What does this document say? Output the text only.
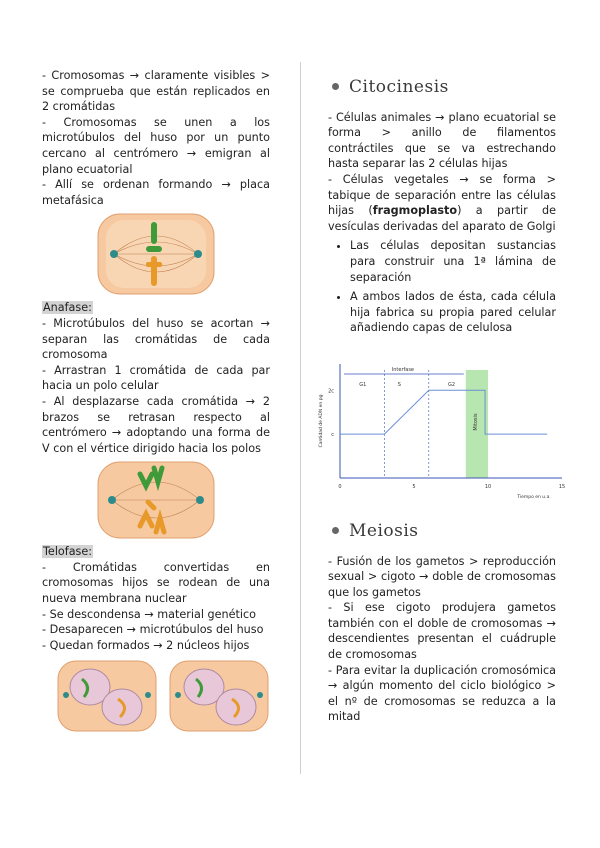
- Cromosomas → claramente visibles > se comprueba que están replicados en 2 cromátidas

- Cromosomas se unen a los microtúbulos del huso por un punto cercano al centrómero → emigran al plano ecuatorial

- Allí se ordenan formando → placa metafásica

Anafase:

- Microtúbulos del huso se acortan → separan las cromátidas de cada cromosoma

- Arrastran 1 cromátida de cada par hacia un polo celular

- Al desplazarse cada cromátida → 2 brazos se retrasan respecto al centrómero → adoptando una forma de V con el vértice dirigido hacia los polos

Telofase:

- Cromátidas convertidas en cromosomas hijos se rodean de una nueva membrana nuclear

- Se descondensa → material genético

- Desaparecen → microtúbulos del huso

- Quedan formados → 2 núcleos hijos

Citocinesis

- Células animales → plano ecuatorial se forma > anillo de filamentos contráctiles que se va estrechando hasta separar las 2 células hijas

- Células vegetales → se forma > tabique de separación entre las células hijas (fragmoplasto) a partir de vesículas derivadas del aparato de Golgi

• Las células depositan sustancias para construir una 1ª lámina de separación
• A ambos lados de ésta, cada célula hija fabrica su propia pared celular añadiendo capas de celulosa
Mitosis
Interfase
G1	S	G2
c
2c
0	5	10	15
Tiempo en u.a.
Cantidad de ADN en pg
Meiosis

- Fusión de los gametos > reproducción sexual > cigoto → doble de cromosomas que los gametos

- Si ese cigoto produjera gametos también con el doble de cromosomas → descendientes presentan el cuádruple de cromosomas

- Para evitar la duplicación cromosómica → algún momento del ciclo biológico > el nº de cromosomas se reduzca a la mitad
